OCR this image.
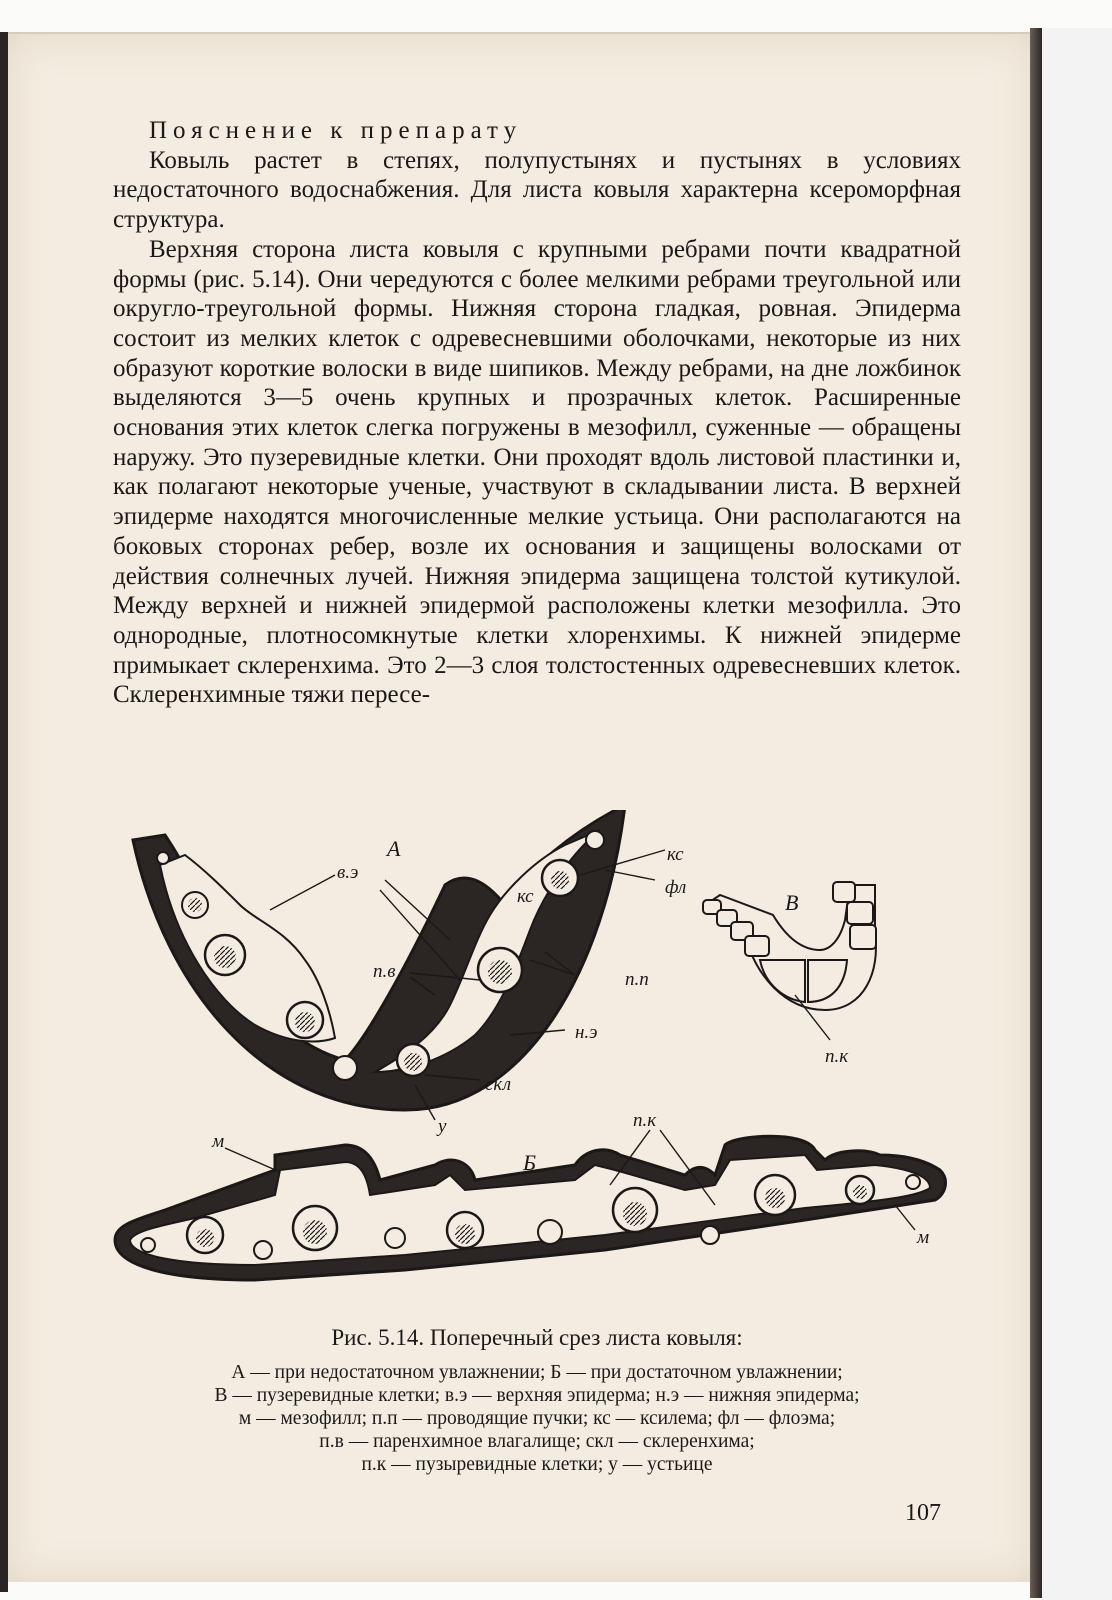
Пояснение к препарату

Ковыль растет в степях, полупустынях и пустынях в условиях недостаточного водоснабжения. Для листа ковыля характерна ксероморфная структура.

Верхняя сторона листа ковыля с крупными ребрами почти квадратной формы (рис. 5.14). Они чередуются с более мелкими ребрами треугольной или округло-треугольной формы. Нижняя сторона гладкая, ровная. Эпидерма состоит из мелких клеток с одревесневшими оболочками, некоторые из них образуют короткие волоски в виде шипиков. Между ребрами, на дне ложбинок выделяются 3—5 очень крупных и прозрачных клеток. Расширенные основания этих клеток слегка погружены в мезофилл, суженные — обращены наружу. Это пузеревидные клетки. Они проходят вдоль листовой пластинки и, как полагают некоторые ученые, участвуют в складывании листа. В верхней эпидерме находятся многочисленные мелкие устьица. Они располагаются на боковых сторонах ребер, возле их основания и защищены волосками от действия солнечных лучей. Нижняя эпидерма защищена толстой кутикулой. Между верхней и нижней эпидермой расположены клетки мезофилла. Это однородные, плотносомкнутые клетки хлоренхимы. К нижней эпидерме примыкает склеренхима. Это 2—3 слоя толстостенных одревесневших клеток. Склеренхимные тяжи пересе-

А
в.э
кс
фл
кс	В
п.в	п.п
н.э
п.к
скл
у	п.к
м
Б
м
Рис. 5.14. Поперечный срез листа ковыля:
А — при недостаточном увлажнении; Б — при достаточном увлажнении;
В — пузеревидные клетки; в.э — верхняя эпидерма; н.э — нижняя эпидерма;
м — мезофилл; п.п — проводящие пучки; кс — ксилема; фл — флоэма;
п.в — паренхимное влагалище; скл — склеренхима;
п.к — пузыревидные клетки; у — устьице
107
